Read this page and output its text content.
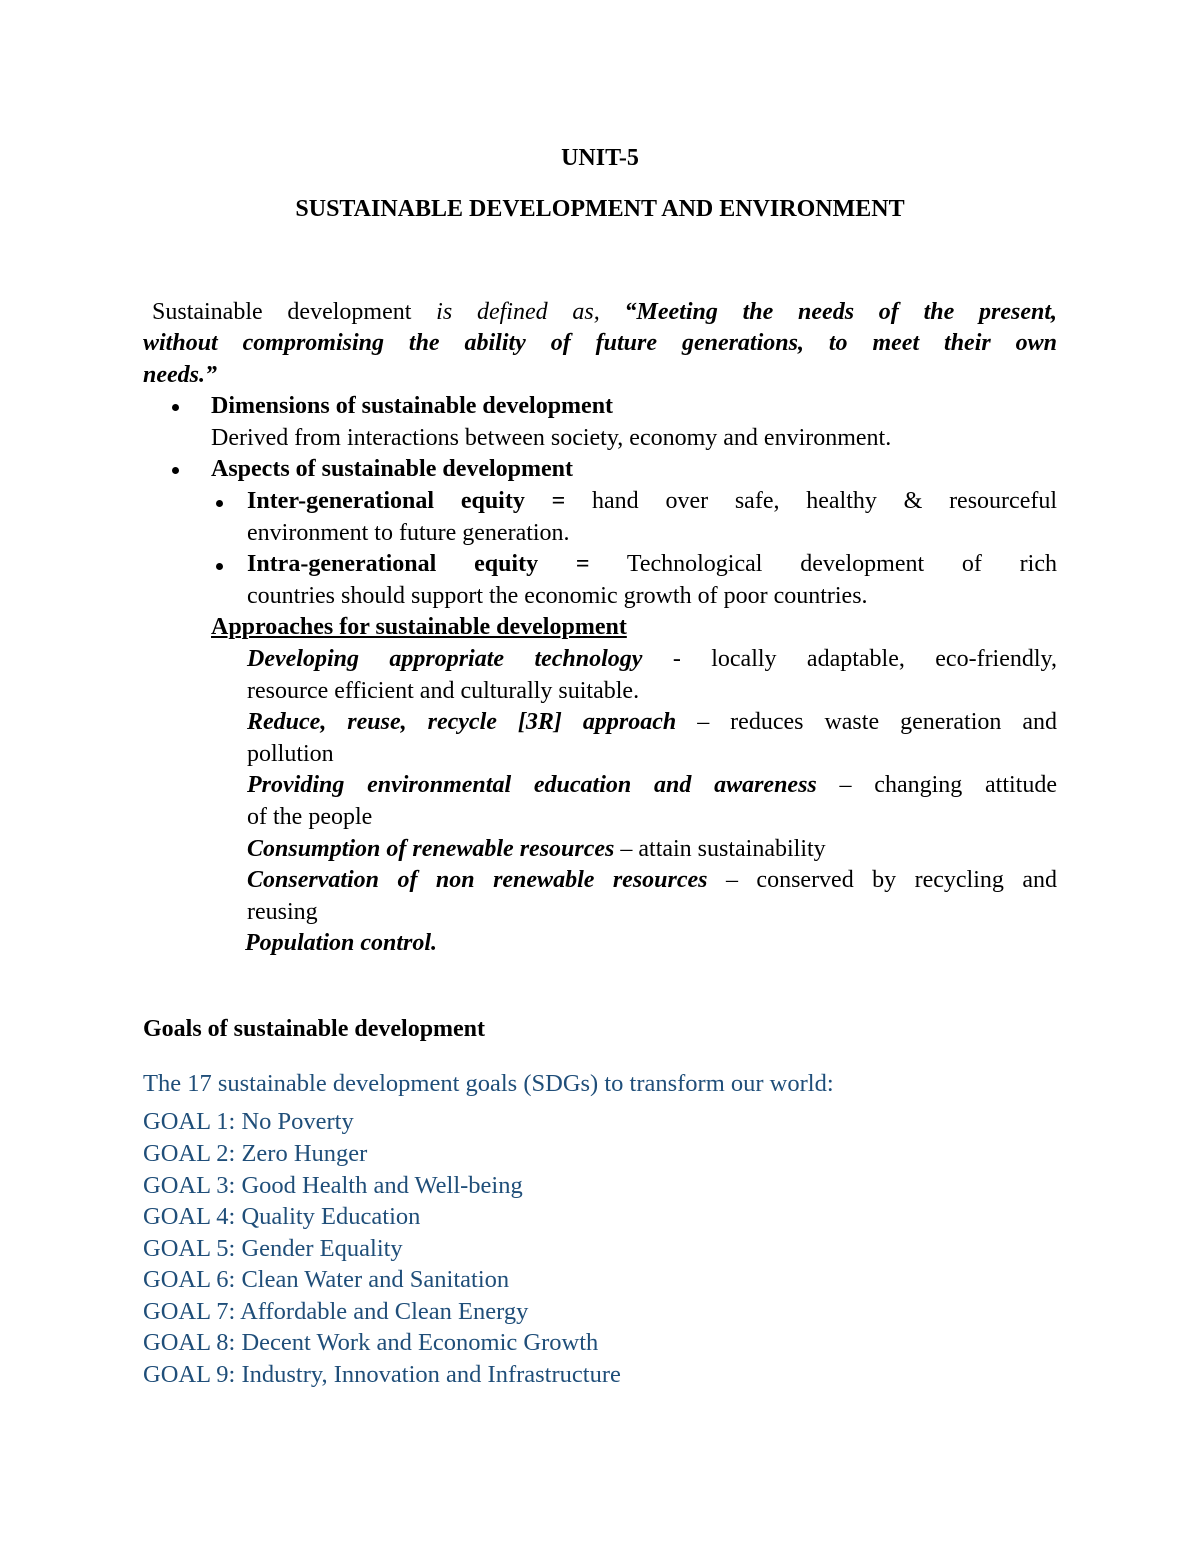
UNIT-5
SUSTAINABLE DEVELOPMENT AND ENVIRONMENT
Sustainable development is defined as, “Meeting the needs of the present,
without compromising the ability of future generations, to meet their own
needs.”
Dimensions of sustainable development
Derived from interactions between society, economy and environment.
Aspects of sustainable development
Inter-generational equity = hand over safe, healthy & resourceful
environment to future generation.
Intra-generational equity = Technological development of rich
countries should support the economic growth of poor countries.
Approaches for sustainable development
Developing appropriate technology - locally adaptable, eco-friendly,
resource efficient and culturally suitable.
Reduce, reuse, recycle [3R] approach – reduces waste generation and
pollution
Providing environmental education and awareness – changing attitude
of the people
Consumption of renewable resources – attain sustainability
Conservation of non renewable resources – conserved by recycling and
reusing
Population control.
Goals of sustainable development
The 17 sustainable development goals (SDGs) to transform our world:
GOAL 1: No Poverty
GOAL 2: Zero Hunger
GOAL 3: Good Health and Well-being
GOAL 4: Quality Education
GOAL 5: Gender Equality
GOAL 6: Clean Water and Sanitation
GOAL 7: Affordable and Clean Energy
GOAL 8: Decent Work and Economic Growth
GOAL 9: Industry, Innovation and Infrastructure
